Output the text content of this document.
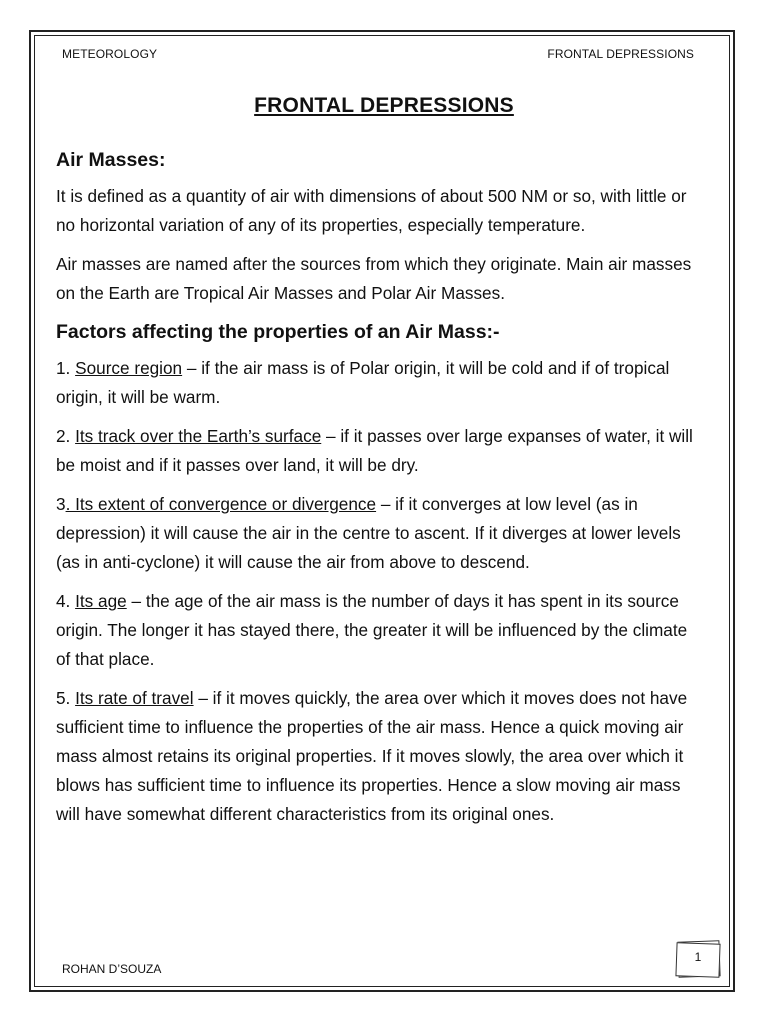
METEOROLOGY	FRONTAL DEPRESSIONS
FRONTAL DEPRESSIONS
Air Masses:

It is defined as a quantity of air with dimensions of about 500 NM or so, with little or no horizontal variation of any of its properties, especially temperature.

Air masses are named after the sources from which they originate. Main air masses on the Earth are Tropical Air Masses and Polar Air Masses.

Factors affecting the properties of an Air Mass:-

1. Source region – if the air mass is of Polar origin, it will be cold and if of tropical origin, it will be warm.

2. Its track over the Earth’s surface – if it passes over large expanses of water, it will be moist and if it passes over land, it will be dry.

3. Its extent of convergence or divergence – if it converges at low level (as in depression) it will cause the air in the centre to ascent. If it diverges at lower levels (as in anti-cyclone) it will cause the air from above to descend.

4. Its age – the age of the air mass is the number of days it has spent in its source origin. The longer it has stayed there, the greater it will be influenced by the climate of that place.

5. Its rate of travel – if it moves quickly, the area over which it moves does not have sufficient time to influence the properties of the air mass. Hence a quick moving air mass almost retains its original properties. If it moves slowly, the area over which it blows has sufficient time to influence its properties. Hence a slow moving air mass will have somewhat different characteristics from its original ones.

ROHAN D’SOUZA
1
